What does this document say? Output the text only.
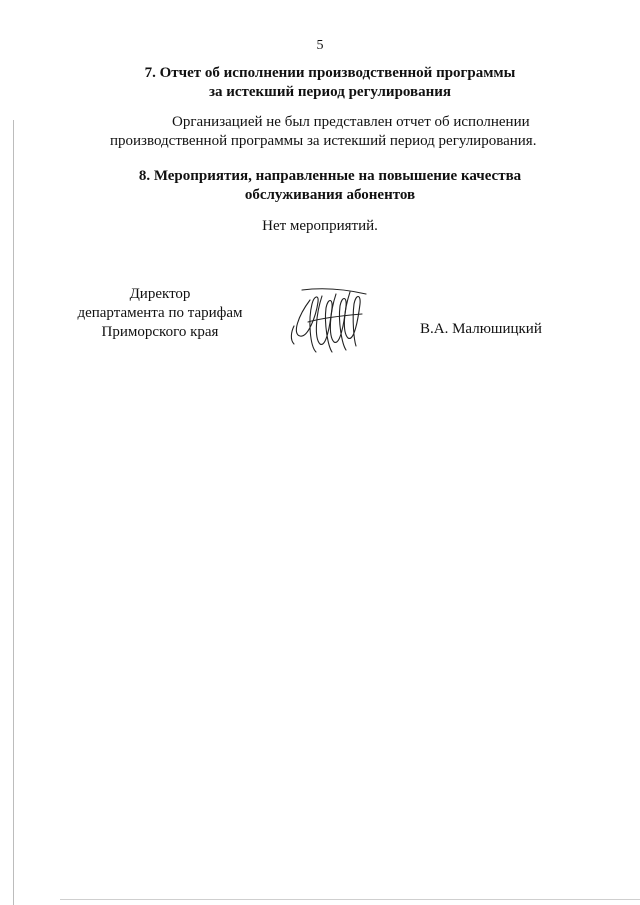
5
7. Отчет об исполнении производственной программы
за истекший период регулирования
Организацией не был представлен отчет об исполнении
производственной программы за истекший период регулирования.
8. Мероприятия, направленные на повышение качества
обслуживания абонентов
Нет мероприятий.
Директор
департамента по тарифам
Приморского края	В.А. Малюшицкий
